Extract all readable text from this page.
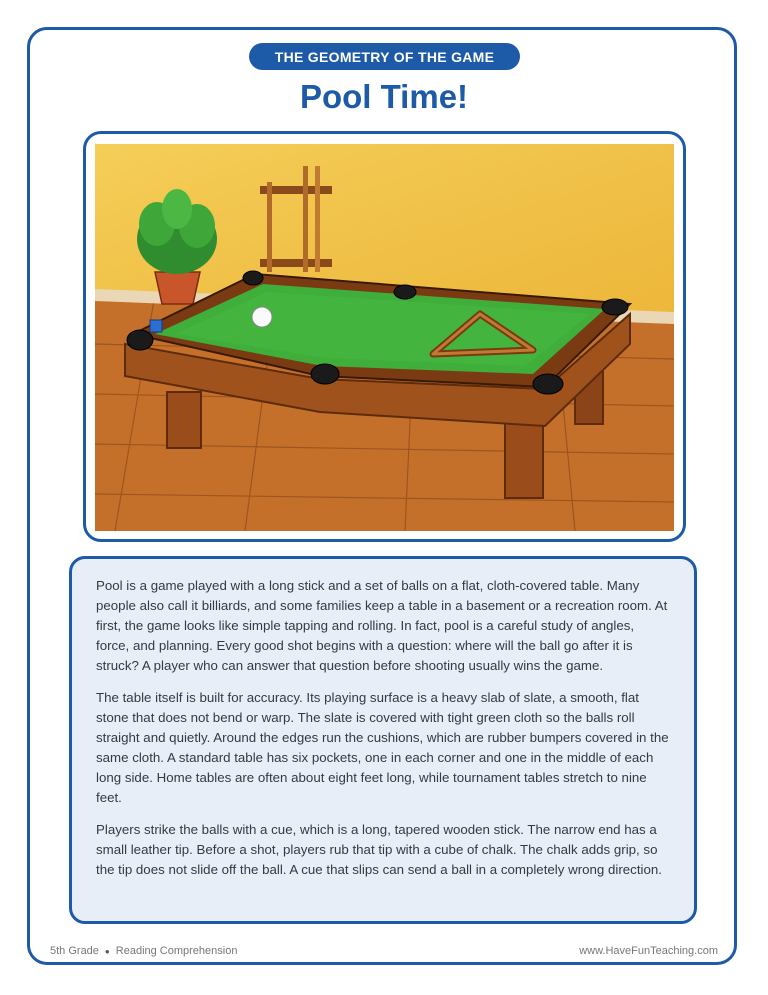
THE GEOMETRY OF THE GAME
Pool Time!

Pool is a game played with a long stick and a set of balls on a flat, cloth-covered table. Many people also call it billiards, and some families keep a table in a basement or a recreation room. At first, the game looks like simple tapping and rolling. In fact, pool is a careful study of angles, force, and planning. Every good shot begins with a question: where will the ball go after it is struck? A player who can answer that question before shooting usually wins the game.

The table itself is built for accuracy. Its playing surface is a heavy slab of slate, a smooth, flat stone that does not bend or warp. The slate is covered with tight green cloth so the balls roll straight and quietly. Around the edges run the cushions, which are rubber bumpers covered in the same cloth. A standard table has six pockets, one in each corner and one in the middle of each long side. Home tables are often about eight feet long, while tournament tables stretch to nine feet.

Players strike the balls with a cue, which is a long, tapered wooden stick. The narrow end has a small leather tip. Before a shot, players rub that tip with a cube of chalk. The chalk adds grip, so the tip does not slide off the ball. A cue that slips can send a ball in a completely wrong direction.

5th Grade ● Reading Comprehension	www.HaveFunTeaching.com
